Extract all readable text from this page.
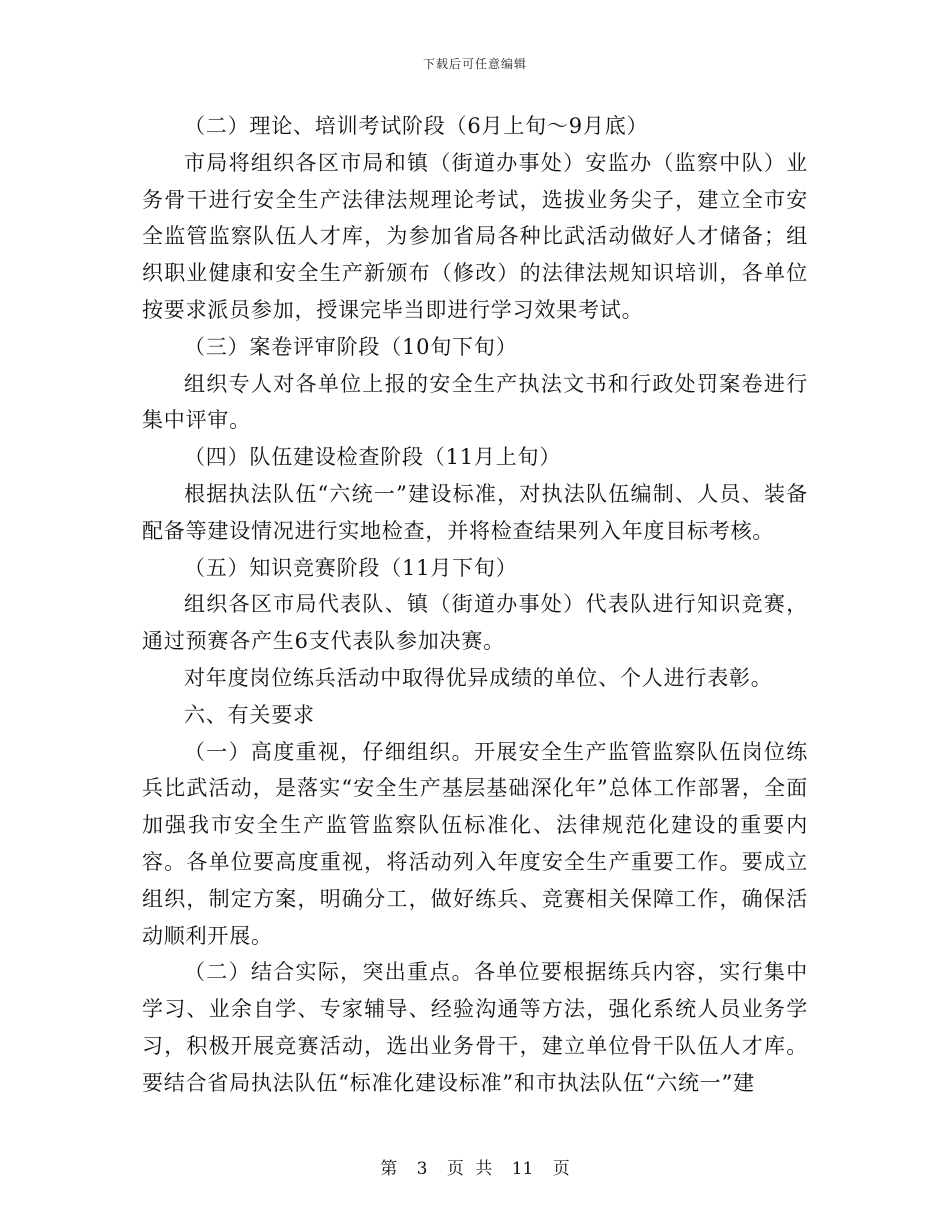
下载后可任意编辑

（二）理论、培训考试阶段（6月上旬～9月底）

市局将组织各区市局和镇（街道办事处）安监办（监察中队）业务骨干进行安全生产法律法规理论考试，选拔业务尖子，建立全市安全监管监察队伍人才库，为参加省局各种比武活动做好人才储备；组织职业健康和安全生产新颁布（修改）的法律法规知识培训，各单位按要求派员参加，授课完毕当即进行学习效果考试。

（三）案卷评审阶段（10旬下旬）

组织专人对各单位上报的安全生产执法文书和行政处罚案卷进行集中评审。

（四）队伍建设检查阶段（11月上旬）

根据执法队伍“六统一”建设标准，对执法队伍编制、人员、装备配备等建设情况进行实地检查，并将检查结果列入年度目标考核。

（五）知识竞赛阶段（11月下旬）

组织各区市局代表队、镇（街道办事处）代表队进行知识竞赛，通过预赛各产生6支代表队参加决赛。

对年度岗位练兵活动中取得优异成绩的单位、个人进行表彰。

六、有关要求

（一）高度重视，仔细组织。开展安全生产监管监察队伍岗位练兵比武活动，是落实“安全生产基层基础深化年”总体工作部署，全面加强我市安全生产监管监察队伍标准化、法律规范化建设的重要内容。各单位要高度重视，将活动列入年度安全生产重要工作。要成立组织，制定方案，明确分工，做好练兵、竞赛相关保障工作，确保活动顺利开展。

（二）结合实际，突出重点。各单位要根据练兵内容，实行集中学习、业余自学、专家辅导、经验沟通等方法，强化系统人员业务学习，积极开展竞赛活动，选出业务骨干，建立单位骨干队伍人才库。要结合省局执法队伍“标准化建设标准”和市执法队伍“六统一”建

第 3 页 共 11 页
